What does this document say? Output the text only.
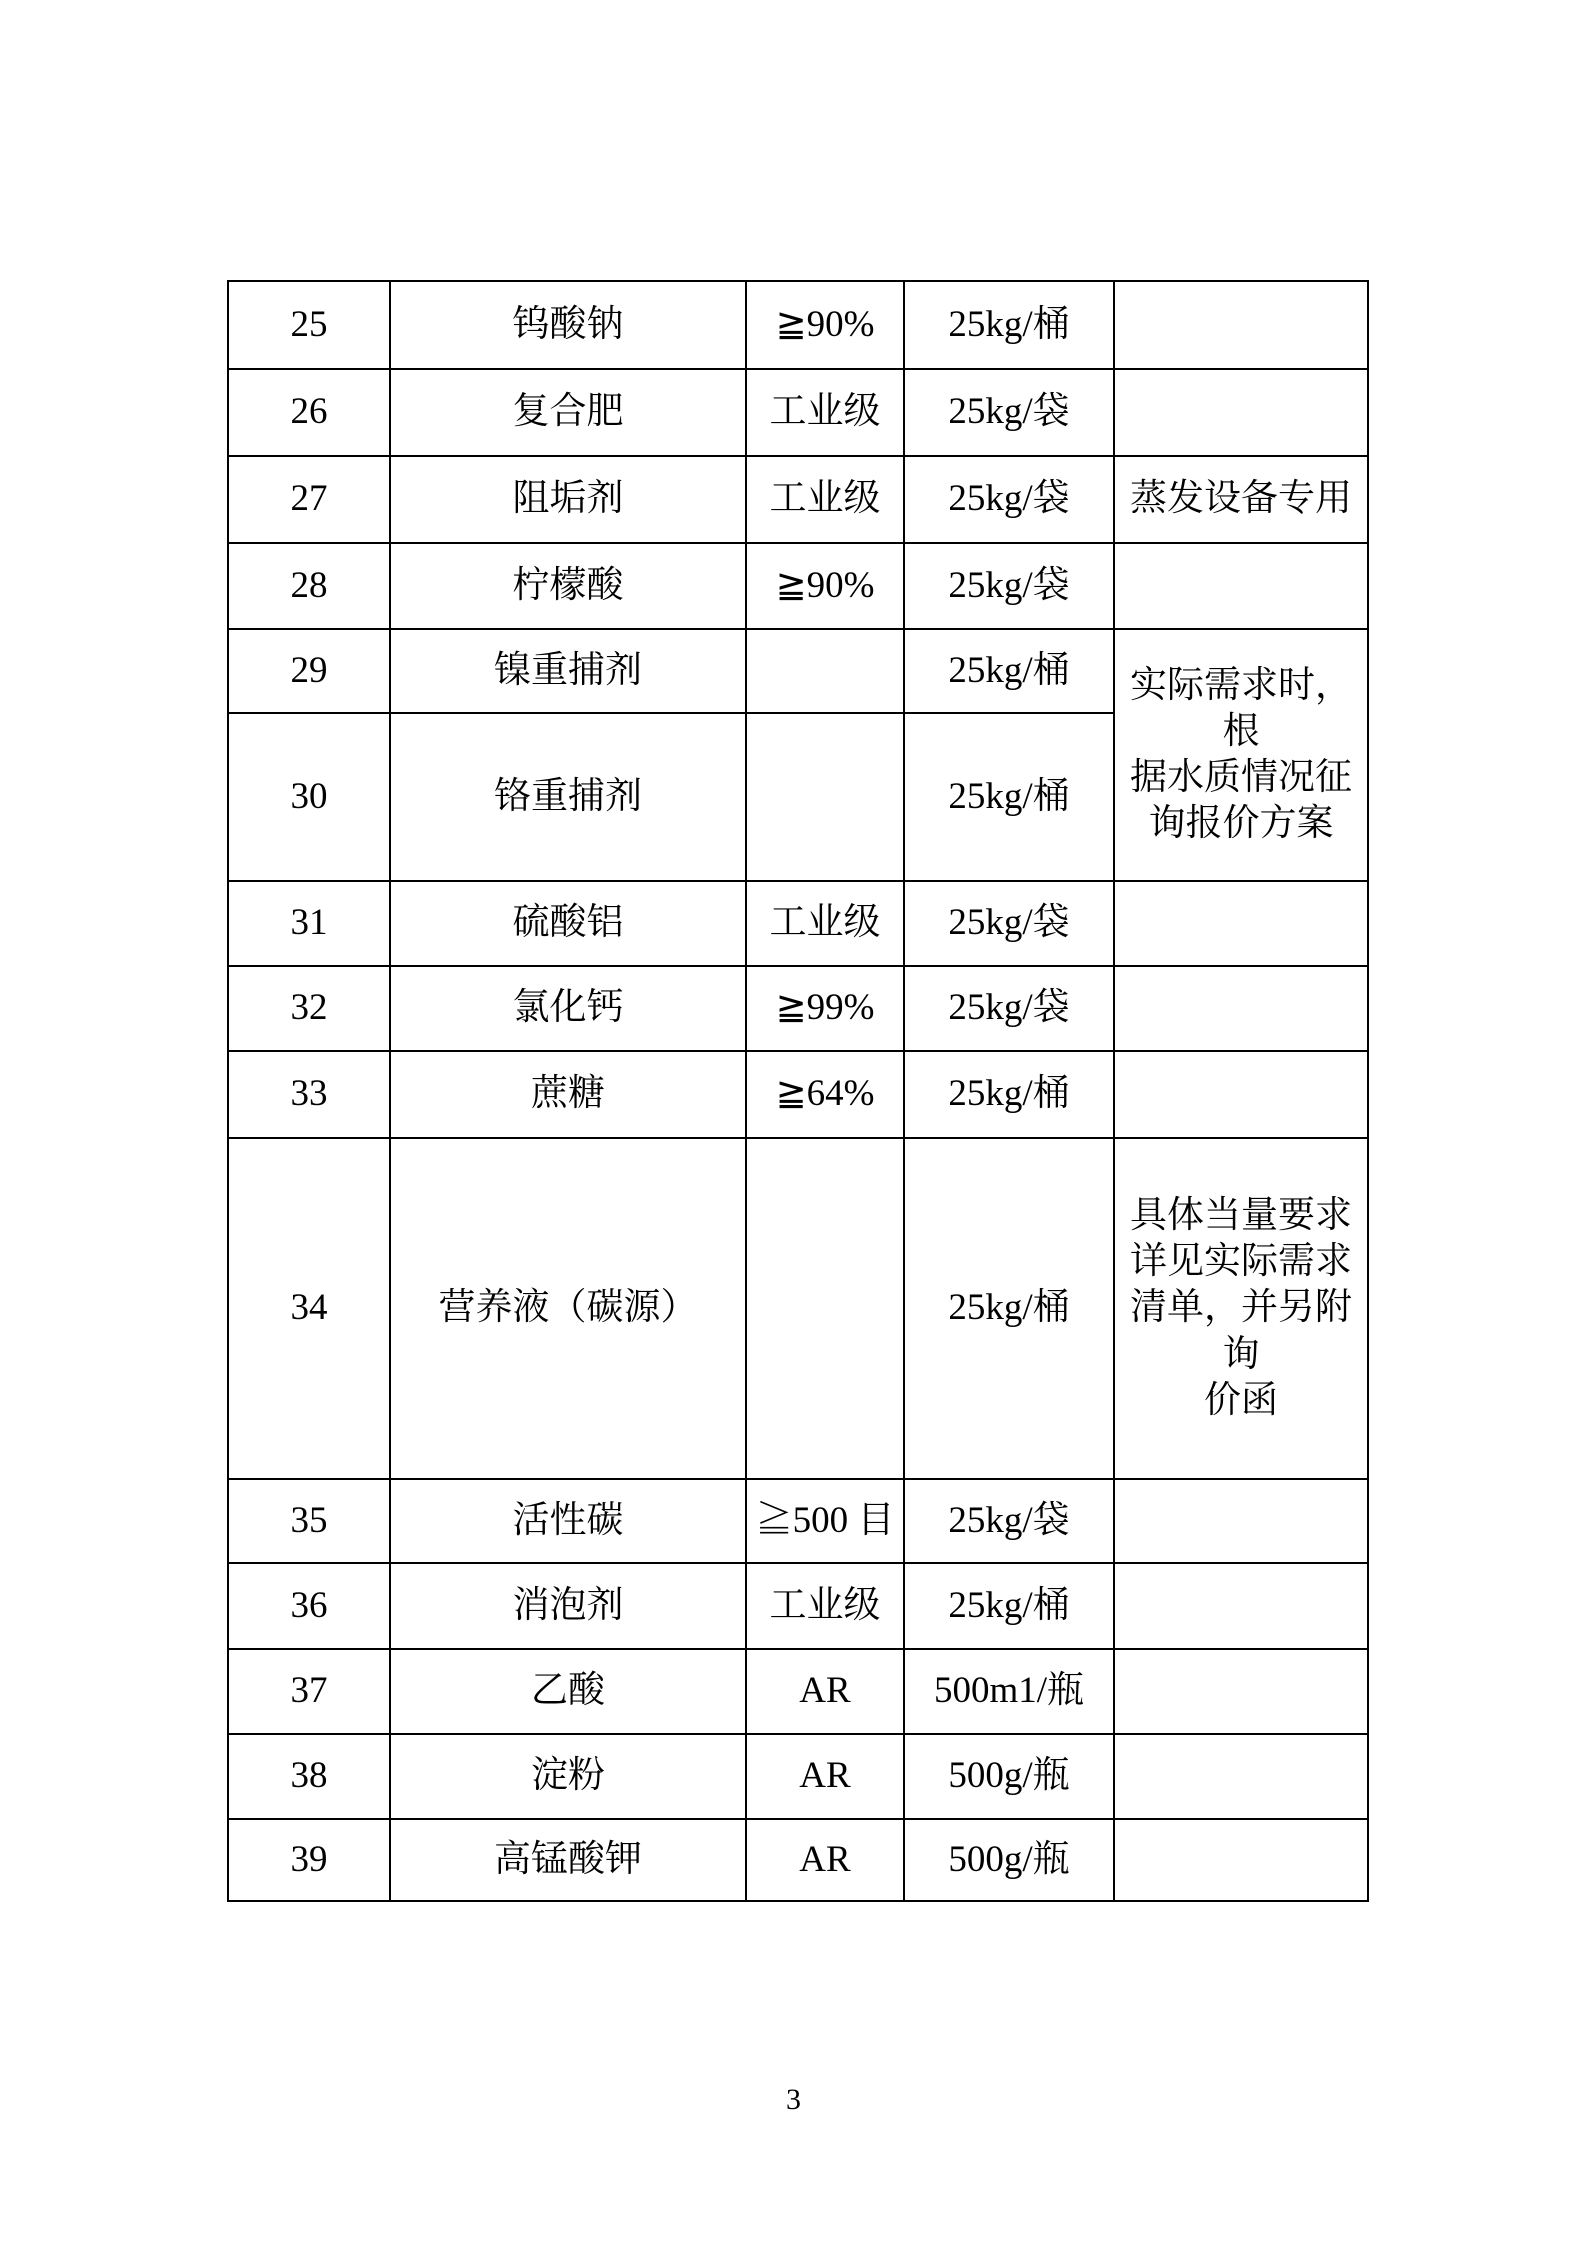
25	钨酸钠	≧90%	25kg/桶	
26	复合肥	工业级	25kg/袋	
27	阻垢剂	工业级	25kg/袋	蒸发设备专用
28	柠檬酸	≧90%	25kg/袋	
29	镍重捕剂		25kg/桶	实际需求时，根
据水质情况征
询报价方案
30	铬重捕剂		25kg/桶	
31	硫酸铝	工业级	25kg/袋	
32	氯化钙	≧99%	25kg/袋	
33	蔗糖	≧64%	25kg/桶	
34	营养液（碳源）		25kg/桶	具体当量要求
详见实际需求
清单，并另附询
价函
35	活性碳	≧500 目	25kg/袋	
36	消泡剂	工业级	25kg/桶	
37	乙酸	AR	500m1/瓶	
38	淀粉	AR	500g/瓶	
39	高锰酸钾	AR	500g/瓶	
3
